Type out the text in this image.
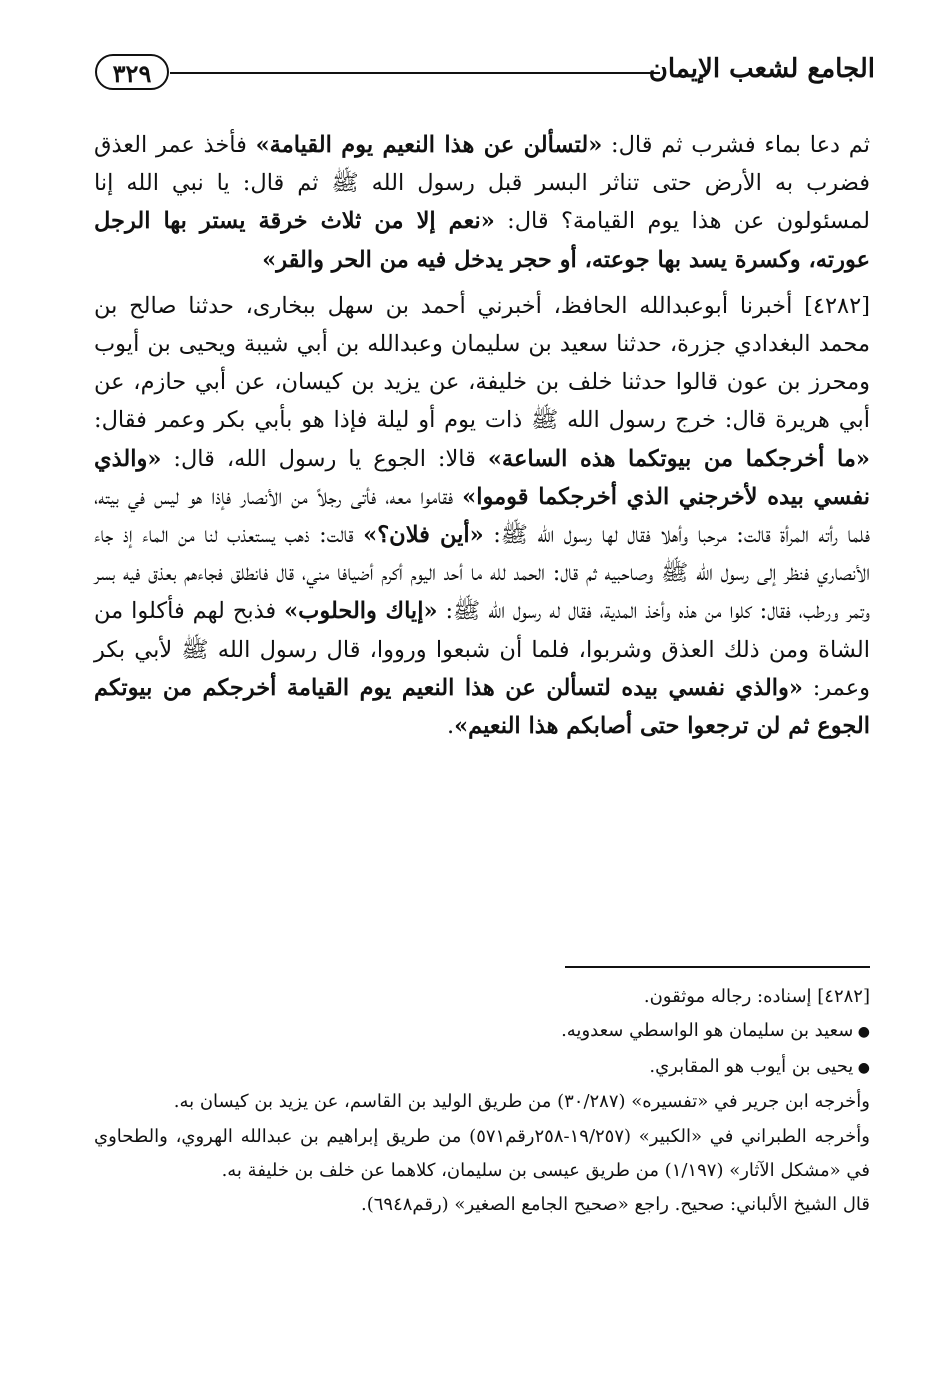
٣٢٩	الجامع لشعب الإيمان

ثم دعا بماء فشرب ثم قال: «لتسألن عن هذا النعيم يوم القيامة» فأخذ عمر العذق فضرب به الأرض حتى تناثر البسر قبل رسول الله ﷺ ثم قال: يا نبي الله إنا لمسئولون عن هذا يوم القيامة؟ قال: «نعم إلا من ثلاث خرقة يستر بها الرجل عورته، وكسرة يسد بها جوعته، أو حجر يدخل فيه من الحر والقر»

[٤٢٨٢] أخبرنا أبوعبدالله الحافظ، أخبرني أحمد بن سهل ببخارى، حدثنا صالح بن محمد البغدادي جزرة، حدثنا سعيد بن سليمان وعبدالله بن أبي شيبة ويحيى بن أيوب ومحرز بن عون قالوا حدثنا خلف بن خليفة، عن يزيد بن كيسان، عن أبي حازم، عن أبي هريرة قال: خرج رسول الله ﷺ ذات يوم أو ليلة فإذا هو بأبي بكر وعمر فقال: «ما أخرجكما من بيوتكما هذه الساعة» قالا: الجوع يا رسول الله، قال: «والذي نفسي بيده لأخرجني الذي أخرجكما قوموا» فقاموا معه، فأتى رجلاً من الأنصار فإذا هو ليس في بيته، فلما رأته المرأة قالت: مرحبا وأهلا فقال لها رسول الله ﷺ: «أين فلان؟» قالت: ذهب يستعذب لنا من الماء إذ جاء الأنصاري فنظر إلى رسول الله ﷺ وصاحبيه ثم قال: الحمد لله ما أحد اليوم أكرم أضيافا مني، قال فانطلق فجاءهم بعذق فيه بسر وتمر ورطب، فقال: كلوا من هذه وأخذ المدية، فقال له رسول الله ﷺ: «إياك والحلوب» فذبح لهم فأكلوا من الشاة ومن ذلك العذق وشربوا، فلما أن شبعوا ورووا، قال رسول الله ﷺ لأبي بكر وعمر: «والذي نفسي بيده لتسألن عن هذا النعيم يوم القيامة أخرجكم من بيوتكم الجوع ثم لن ترجعوا حتى أصابكم هذا النعيم».

[٤٢٨٢] إسناده: رجاله موثقون.

● سعيد بن سليمان هو الواسطي سعدويه.

● يحيى بن أيوب هو المقابري.

وأخرجه ابن جرير في «تفسيره» (٣٠/٢٨٧) من طريق الوليد بن القاسم، عن يزيد بن كيسان به.

وأخرجه الطبراني في «الكبير» (١٩/٢٥٧-٢٥٨رقم٥٧١) من طريق إبراهيم بن عبدالله الهروي، والطحاوي في «مشكل الآثار» (١/١٩٧) من طريق عيسى بن سليمان، كلاهما عن خلف بن خليفة به.

قال الشيخ الألباني: صحيح. راجع «صحيح الجامع الصغير» (رقم٦٩٤٨).
